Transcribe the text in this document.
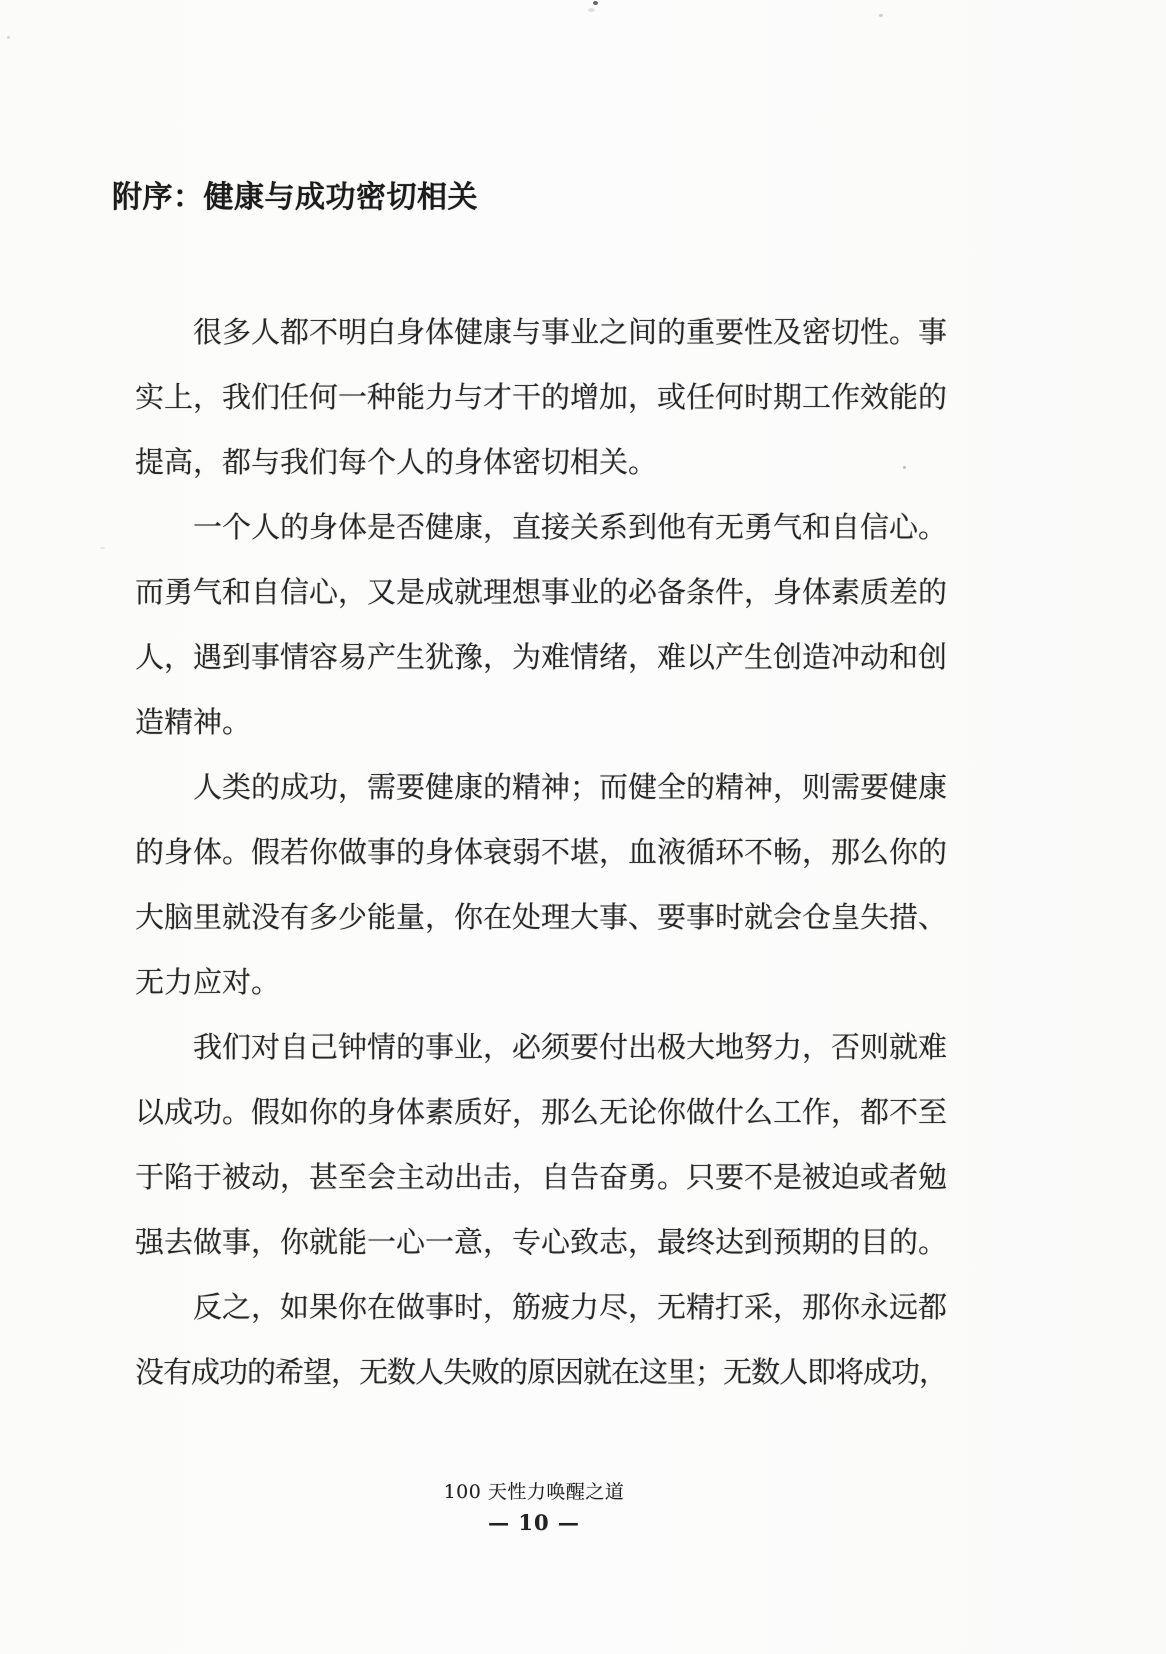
附序：健康与成功密切相关
很多人都不明白身体健康与事业之间的重要性及密切性。事
实上，我们任何一种能力与才干的增加，或任何时期工作效能的
提高，都与我们每个人的身体密切相关。
一个人的身体是否健康，直接关系到他有无勇气和自信心。
而勇气和自信心，又是成就理想事业的必备条件，身体素质差的
人，遇到事情容易产生犹豫，为难情绪，难以产生创造冲动和创
造精神。
人类的成功，需要健康的精神；而健全的精神，则需要健康
的身体。假若你做事的身体衰弱不堪，血液循环不畅，那么你的
大脑里就没有多少能量，你在处理大事、要事时就会仓皇失措、
无力应对。
我们对自己钟情的事业，必须要付出极大地努力，否则就难
以成功。假如你的身体素质好，那么无论你做什么工作，都不至
于陷于被动，甚至会主动出击，自告奋勇。只要不是被迫或者勉
强去做事，你就能一心一意，专心致志，最终达到预期的目的。
反之，如果你在做事时，筋疲力尽，无精打采，那你永远都
没有成功的希望，无数人失败的原因就在这里；无数人即将成功，
100 天性力唤醒之道
— 10 —
